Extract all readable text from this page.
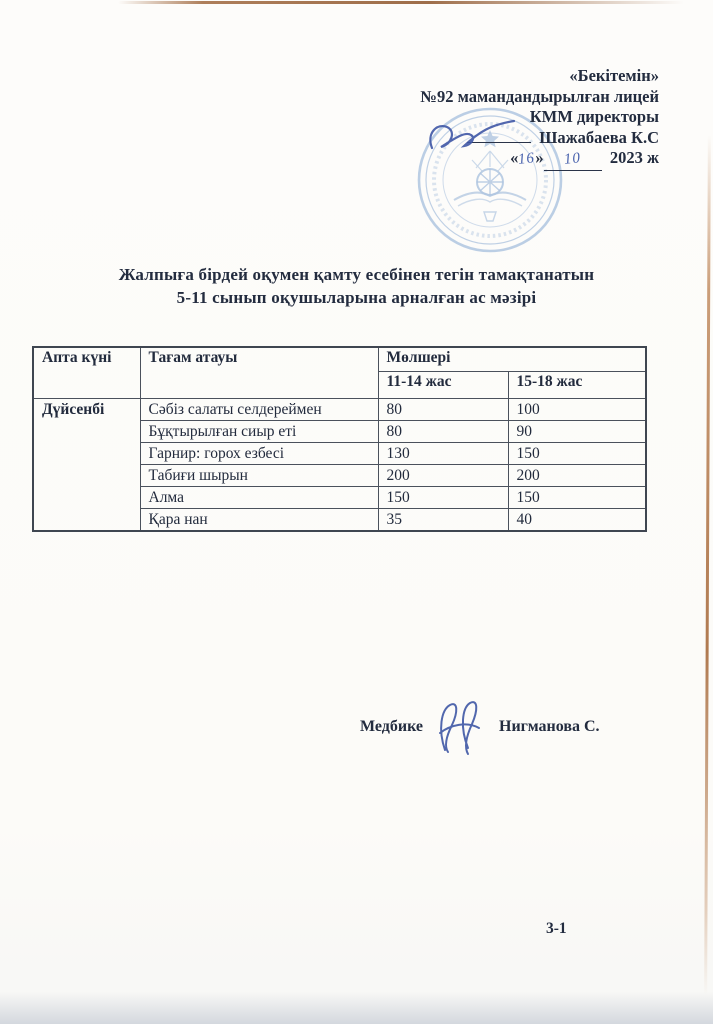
«Бекітемін»
№92 мамандандырылған лицей
КММ директоры
Шажабаева К.С
«16» 10 2023 ж
Жалпыға бірдей оқумен қамту есебінен тегін тамақтанатын
5-11 сынып оқушыларына арналған ас мәзірі
Апта күні	Тағам атауы	Мөлшері	
		11-14 жас	15-18 жас
Дүйсенбі	Сәбіз салаты селдереймен	80	100
	Бұқтырылған сиыр еті	80	90
	Гарнир: горох езбесі	130	150
	Табиғи шырын	200	200
	Алма	150	150
	Қара нан	35	40
Медбике	Нигманова С.
3-1
